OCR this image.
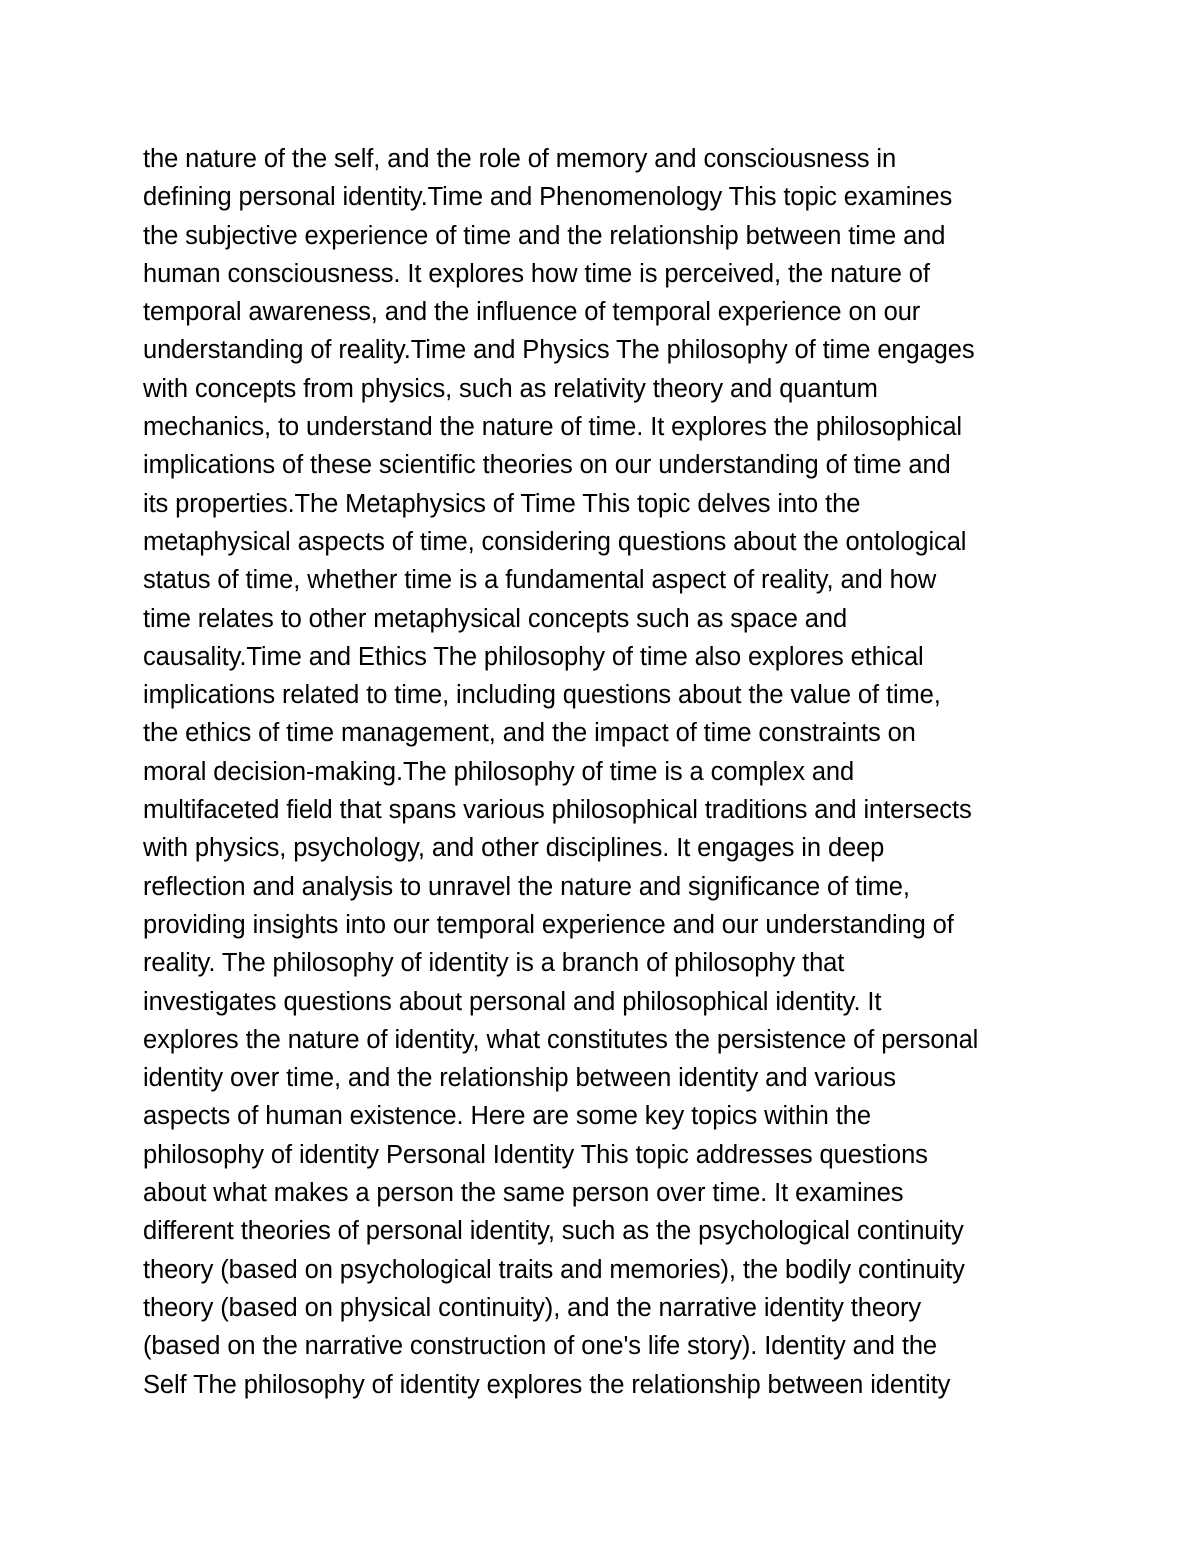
the nature of the self, and the role of memory and consciousness in
defining personal identity.Time and Phenomenology This topic examines
the subjective experience of time and the relationship between time and
human consciousness. It explores how time is perceived, the nature of
temporal awareness, and the influence of temporal experience on our
understanding of reality.Time and Physics The philosophy of time engages
with concepts from physics, such as relativity theory and quantum
mechanics, to understand the nature of time. It explores the philosophical
implications of these scientific theories on our understanding of time and
its properties.The Metaphysics of Time This topic delves into the
metaphysical aspects of time, considering questions about the ontological
status of time, whether time is a fundamental aspect of reality, and how
time relates to other metaphysical concepts such as space and
causality.Time and Ethics The philosophy of time also explores ethical
implications related to time, including questions about the value of time,
the ethics of time management, and the impact of time constraints on
moral decision-making.The philosophy of time is a complex and
multifaceted field that spans various philosophical traditions and intersects
with physics, psychology, and other disciplines. It engages in deep
reflection and analysis to unravel the nature and significance of time,
providing insights into our temporal experience and our understanding of
reality. The philosophy of identity is a branch of philosophy that
investigates questions about personal and philosophical identity. It
explores the nature of identity, what constitutes the persistence of personal
identity over time, and the relationship between identity and various
aspects of human existence. Here are some key topics within the
philosophy of identity Personal Identity This topic addresses questions
about what makes a person the same person over time. It examines
different theories of personal identity, such as the psychological continuity
theory (based on psychological traits and memories), the bodily continuity
theory (based on physical continuity), and the narrative identity theory
(based on the narrative construction of one's life story). Identity and the
Self The philosophy of identity explores the relationship between identity
